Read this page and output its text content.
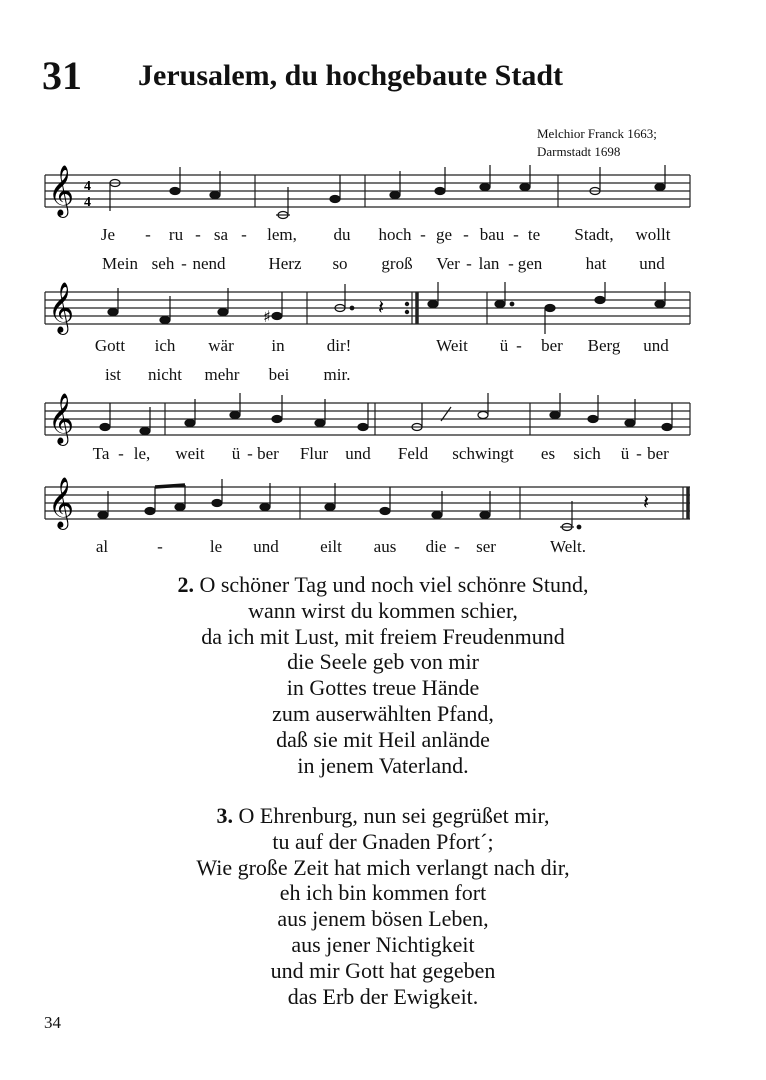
31 Jerusalem, du hochgebaute Stadt
Melchior Franck 1663;
Darmstadt 1698
𝄞 4
4
Je - ru - sa - lem, du hoch - ge - bau - te Stadt, wollt
Mein seh - nend	Herz so groß Ver - lan - gen	hat und
𝄞	♯	𝄽
Gott ich wär in dir!	Weit ü - ber Berg und
ist nicht mehr bei mir.
𝄞
Ta - le, weit ü - ber Flur und Feld schwingt es sich ü - ber
𝄞	𝄽
al	-	le und eilt aus die - ser	Welt.
2. O schöner Tag und noch viel schönre Stund,
wann wirst du kommen schier,
da ich mit Lust, mit freiem Freudenmund
die Seele geb von mir
in Gottes treue Hände
zum auserwählten Pfand,
daß sie mit Heil anlände
in jenem Vaterland.
3. O Ehrenburg, nun sei gegrüßet mir,
tu auf der Gnaden Pfort´;
Wie große Zeit hat mich verlangt nach dir,
eh ich bin kommen fort
aus jenem bösen Leben,
aus jener Nichtigkeit
und mir Gott hat gegeben
das Erb der Ewigkeit.
34
